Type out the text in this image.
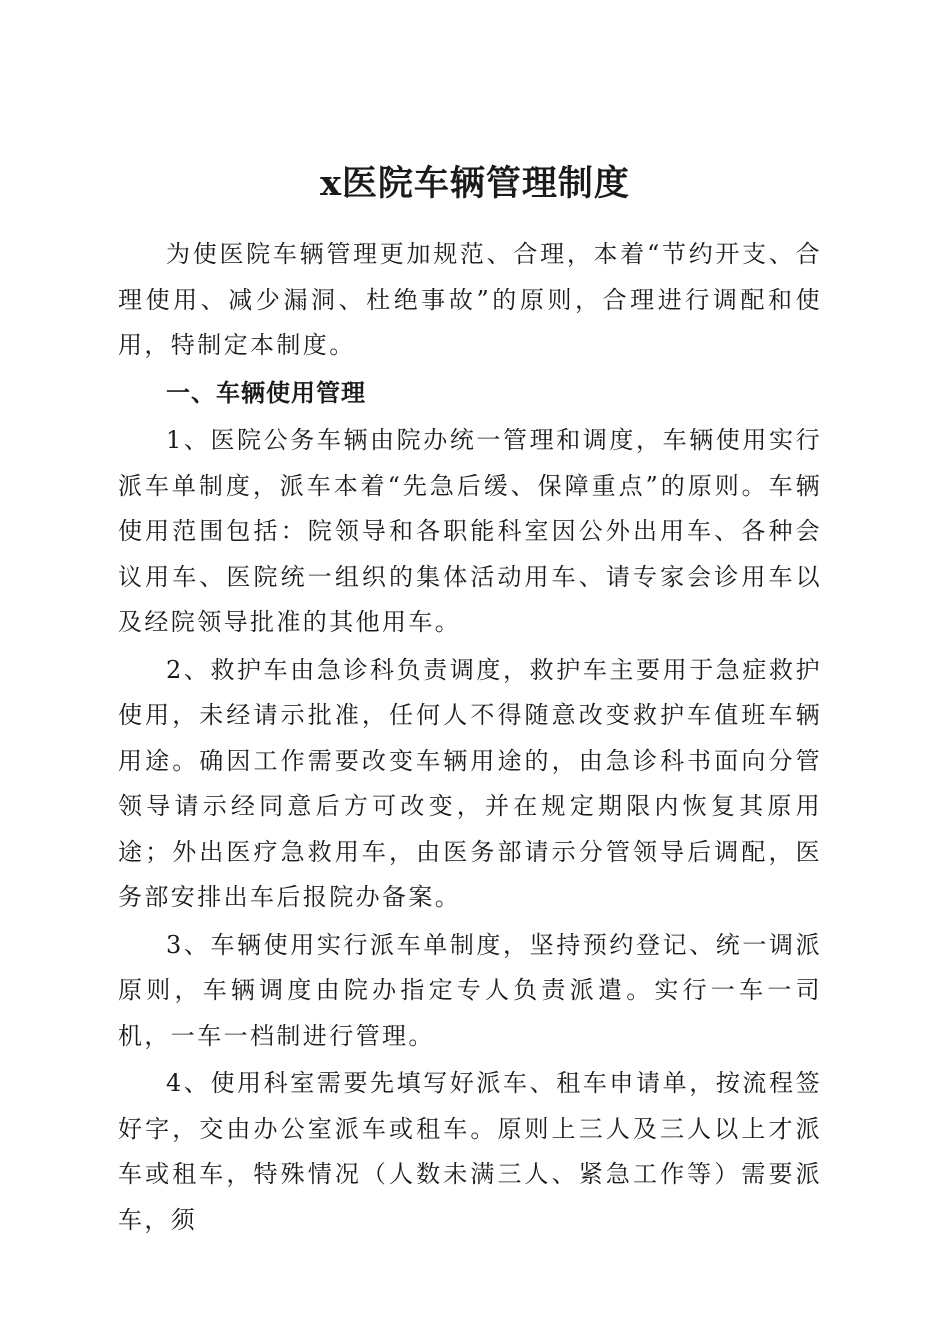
x医院车辆管理制度

为使医院车辆管理更加规范、合理，本着“节约开支、合理使用、减少漏洞、杜绝事故”的原则，合理进行调配和使用，特制定本制度。

一、车辆使用管理

1、医院公务车辆由院办统一管理和调度，车辆使用实行派车单制度，派车本着“先急后缓、保障重点”的原则。车辆使用范围包括：院领导和各职能科室因公外出用车、各种会议用车、医院统一组织的集体活动用车、请专家会诊用车以及经院领导批准的其他用车。

2、救护车由急诊科负责调度，救护车主要用于急症救护使用，未经请示批准，任何人不得随意改变救护车值班车辆用途。确因工作需要改变车辆用途的，由急诊科书面向分管领导请示经同意后方可改变，并在规定期限内恢复其原用途；外出医疗急救用车，由医务部请示分管领导后调配，医务部安排出车后报院办备案。

3、车辆使用实行派车单制度，坚持预约登记、统一调派原则，车辆调度由院办指定专人负责派遣。实行一车一司机，一车一档制进行管理。

4、使用科室需要先填写好派车、租车申请单，按流程签好字，交由办公室派车或租车。原则上三人及三人以上才派车或租车，特殊情况（人数未满三人、紧急工作等）需要派车，须
